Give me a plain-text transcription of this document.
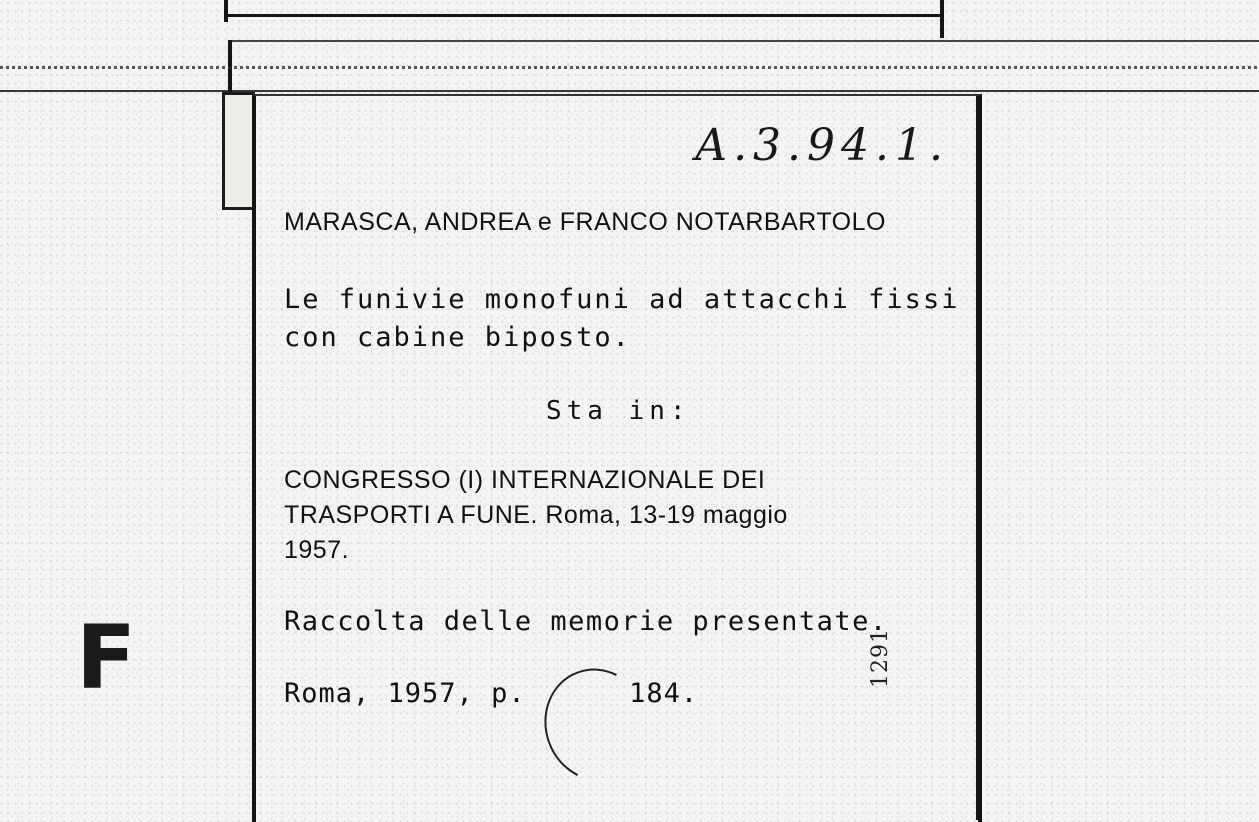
A.3.94.1.
MARASCA, ANDREA e FRANCO NOTARBARTOLO
Le funivie monofuni ad attacchi fissi
con cabine biposto.
Sta in:
CONGRESSO (I) INTERNAZIONALE DEI
TRASPORTI A FUNE. Roma, 13-19 maggio
1957.
Raccolta delle memorie presentate.
Roma, 1957, p.      184.
1291
F
